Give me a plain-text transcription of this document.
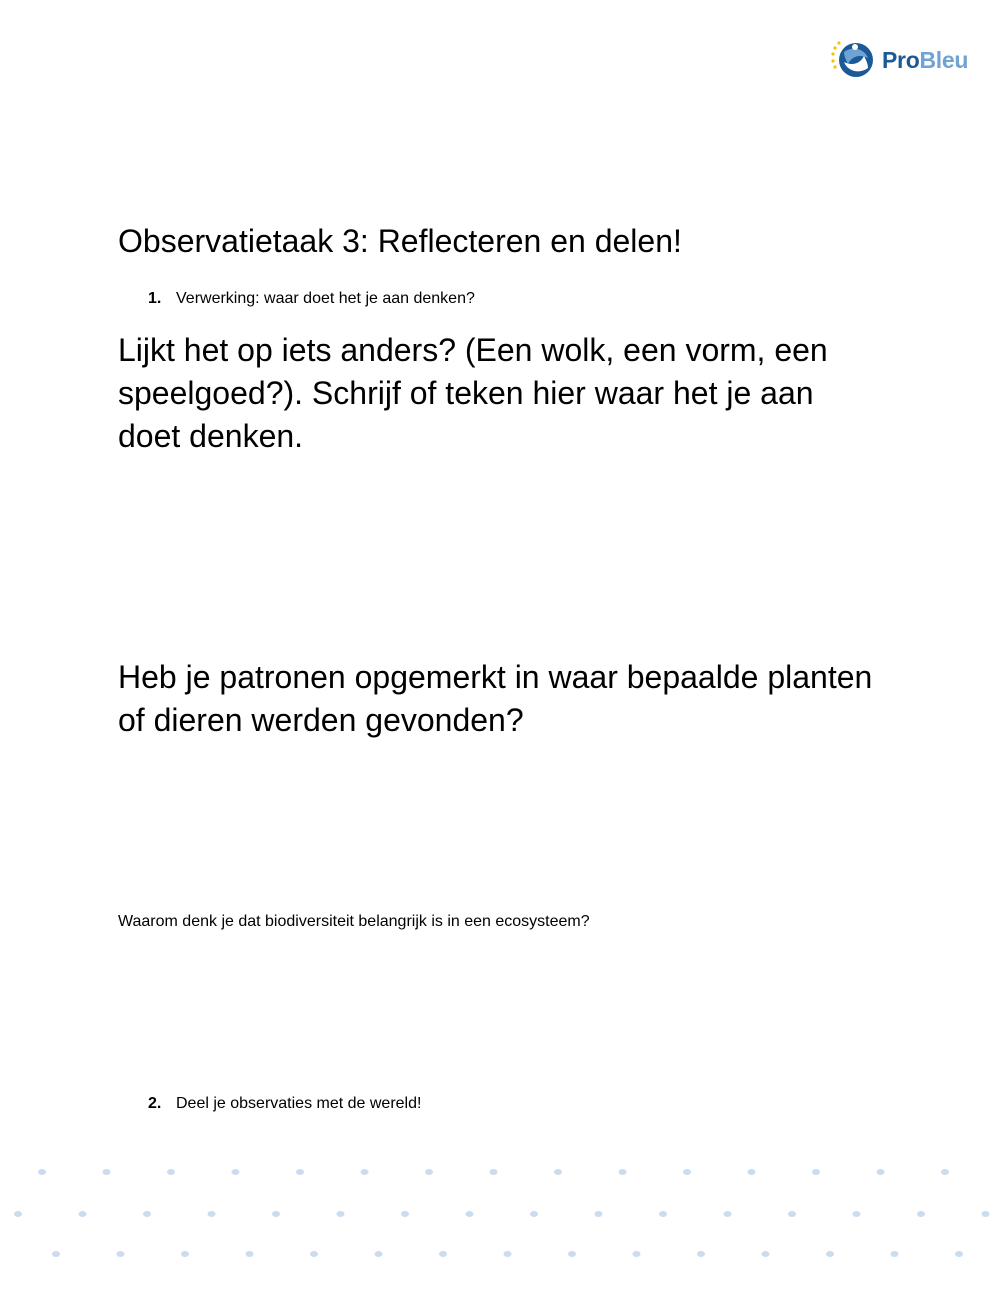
ProBleu
Observatietaak 3: Reflecteren en delen!
1. Verwerking: waar doet het je aan denken?

Lijkt het op iets anders? (Een wolk, een vorm, een speelgoed?). Schrijf of teken hier waar het je aan doet denken.

Heb je patronen opgemerkt in waar bepaalde planten of dieren werden gevonden?

Waarom denk je dat biodiversiteit belangrijk is in een ecosysteem?

2. Deel je observaties met de wereld!
